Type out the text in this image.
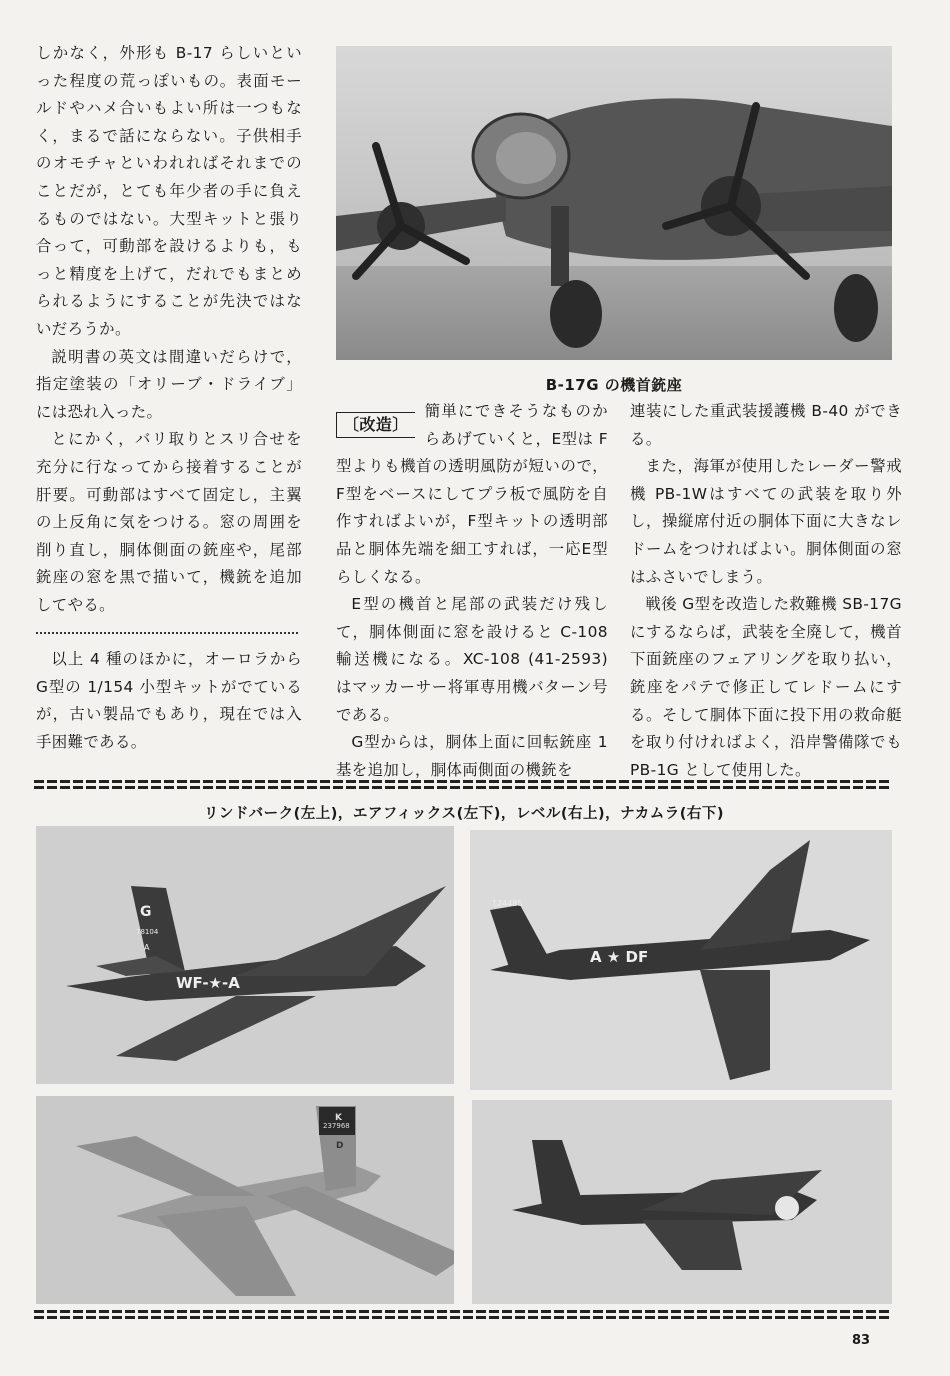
しかなく，外形も B-17 らしいといった程度の荒っぽいもの。表面モールドやハメ合いもよい所は一つもなく，まるで話にならない。子供相手のオモチャといわれればそれまでのことだが，とても年少者の手に負えるものではない。大型キットと張り合って，可動部を設けるよりも，もっと精度を上げて，だれでもまとめられるようにすることが先決ではないだろうか。

説明書の英文は間違いだらけで，指定塗装の「オリーブ・ドライブ」には恐れ入った。

とにかく，バリ取りとスリ合せを充分に行なってから接着することが肝要。可動部はすべて固定し，主翼の上反角に気をつける。窓の周囲を削り直し，胴体側面の銃座や，尾部銃座の窓を黒で描いて，機銃を追加してやる。

以上 4 種のほかに，オーロラから G型の 1/154 小型キットがでているが，古い製品でもあり，現在では入手困難である。

B-17G の機首銃座
〔改造〕

簡単にできそうなものからあげていくと，E型は F型よりも機首の透明風防が短いので，F型をベースにしてプラ板で風防を自作すればよいが，F型キットの透明部品と胴体先端を細工すれば，一応E型らしくなる。

E型の機首と尾部の武装だけ残して，胴体側面に窓を設けると C-108 輸送機になる。XC-108 (41-2593) はマッカーサー将軍専用機バターン号である。

G型からは，胴体上面に回転銃座 1基を追加し，胴体両側面の機銃を

連装にした重武装援護機 B-40 ができる。

また，海軍が使用したレーダー警戒機 PB-1Wはすべての武装を取り外し，操縦席付近の胴体下面に大きなレドームをつければよい。胴体側面の窓はふさいでしまう。

戦後 G型を改造した救難機 SB-17Gにするならば，武装を全廃して，機首下面銃座のフェアリングを取り払い，銃座をパテで修正してレドームにする。そして胴体下面に投下用の救命艇を取り付ければよく，沿岸警備隊でも PB-1G として使用した。

リンドバーク(左上)，エアフィックス(左下)，レベル(右上)，ナカムラ(右下)
WF-★-A
G
78104
A
A ★ DF
124485
237968
K
D
83
